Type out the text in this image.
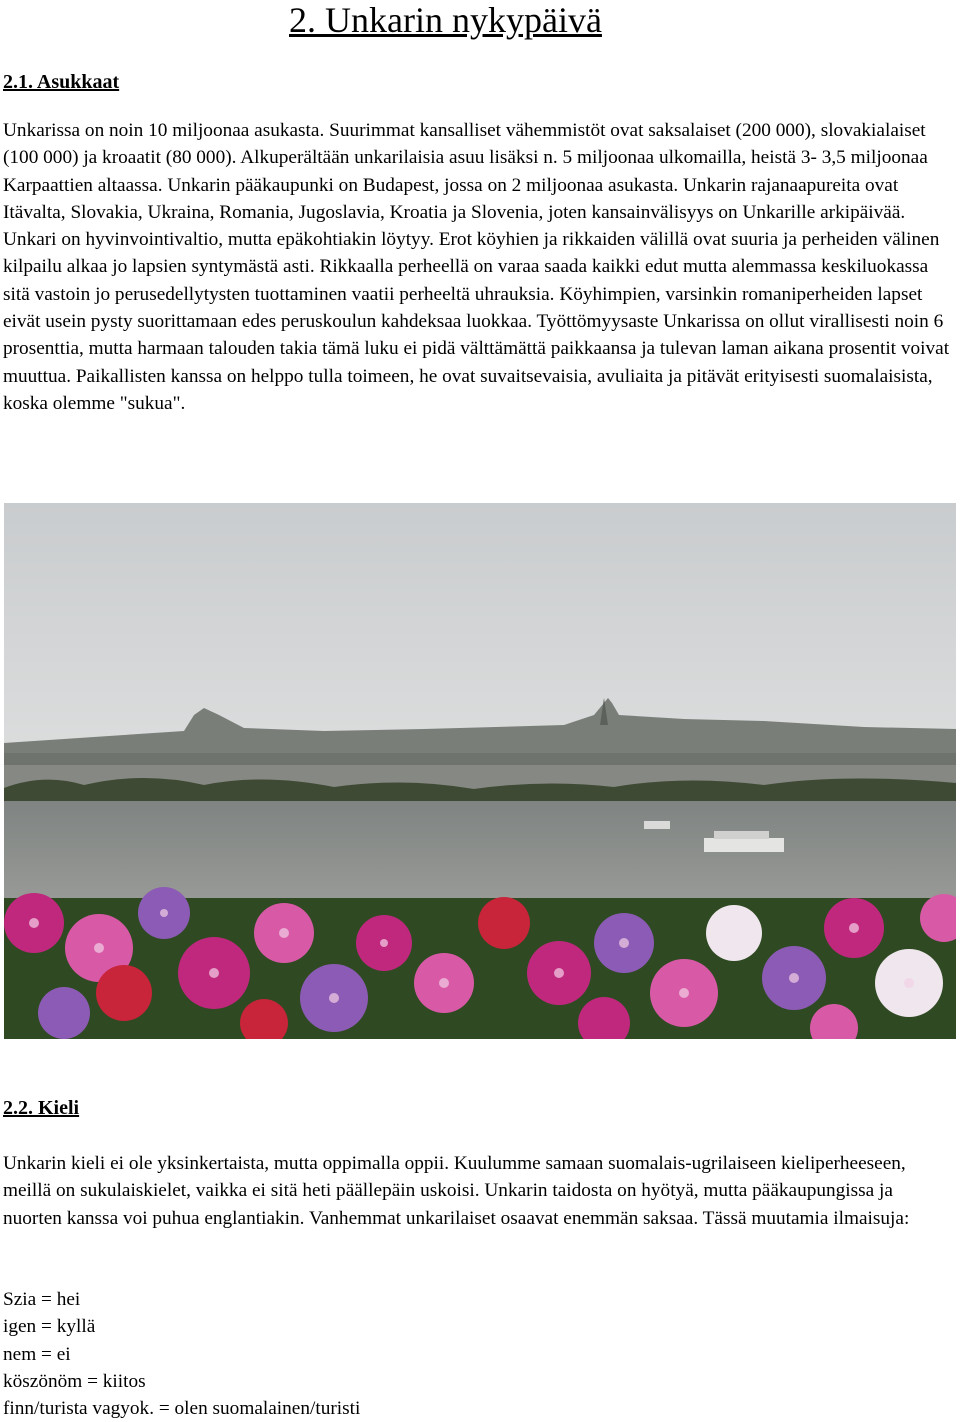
2. Unkarin nykypäivä
2.1. Asukkaat

Unkarissa on noin 10 miljoonaa asukasta. Suurimmat kansalliset vähemmistöt ovat saksalaiset (200 000), slovakialaiset (100 000) ja kroaatit (80 000). Alkuperältään unkarilaisia asuu lisäksi n. 5 miljoonaa ulkomailla, heistä 3- 3,5 miljoonaa Karpaattien altaassa. Unkarin pääkaupunki on Budapest, jossa on 2 miljoonaa asukasta. Unkarin rajanaapureita ovat Itävalta, Slovakia, Ukraina, Romania, Jugoslavia, Kroatia ja Slovenia, joten kansainvälisyys on Unkarille arkipäivää. Unkari on hyvinvointivaltio, mutta epäkohtiakin löytyy. Erot köyhien ja rikkaiden välillä ovat suuria ja perheiden välinen kilpailu alkaa jo lapsien syntymästä asti. Rikkaalla perheellä on varaa saada kaikki edut mutta alemmassa keskiluokassa sitä vastoin jo perusedellytysten tuottaminen vaatii perheeltä uhrauksia. Köyhimpien, varsinkin romaniperheiden lapset eivät usein pysty suorittamaan edes peruskoulun kahdeksaa luokkaa. Työttömyysaste Unkarissa on ollut virallisesti noin 6 prosenttia, mutta harmaan talouden takia tämä luku ei pidä välttämättä paikkaansa ja tulevan laman aikana prosentit voivat muuttua. Paikallisten kanssa on helppo tulla toimeen, he ovat suvaitsevaisia, avuliaita ja pitävät erityisesti suomalaisista, koska olemme "sukua".

2.2. Kieli

Unkarin kieli ei ole yksinkertaista, mutta oppimalla oppii. Kuulumme samaan suomalais-ugrilaiseen kieliperheeseen, meillä on sukulaiskielet, vaikka ei sitä heti päällepäin uskoisi. Unkarin taidosta on hyötyä, mutta pääkaupungissa ja nuorten kanssa voi puhua englantiakin. Vanhemmat unkarilaiset osaavat enemmän saksaa. Tässä muutamia ilmaisuja:

Szia = hei
igen = kyllä
nem = ei
köszönöm = kiitos
finn/turista vagyok. = olen suomalainen/turisti
